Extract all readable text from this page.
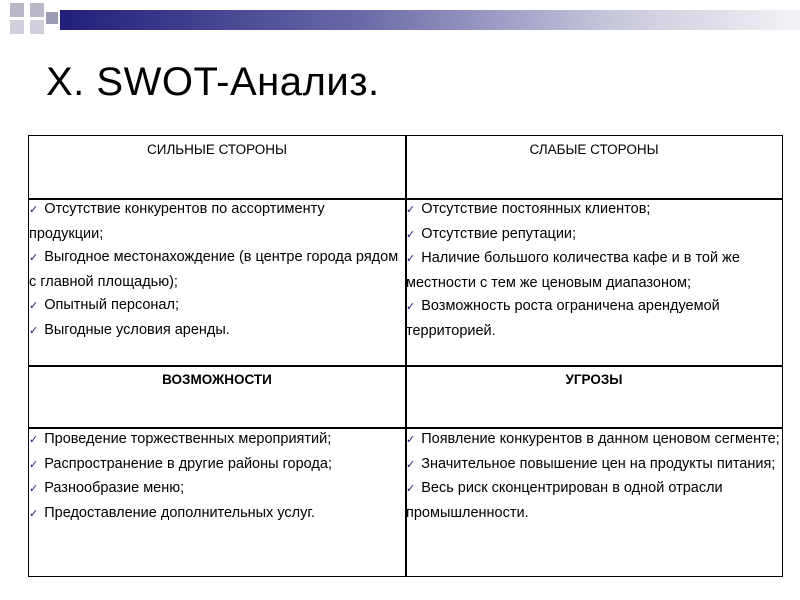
X. SWOT-Анализ.
СИЛЬНЫЕ СТОРОНЫ	СЛАБЫЕ СТОРОНЫ
ВОЗМОЖНОСТИ	УГРОЗЫ

✓ Отсутствие конкурентов по ассортименту продукции;

✓ Выгодное местонахождение (в центре города рядом с главной площадью);

✓ Опытный персонал;

✓ Выгодные условия аренды.

✓ Отсутствие постоянных клиентов;

✓ Отсутствие репутации;

✓ Наличие большого количества кафе и в той же местности с тем же ценовым диапазоном;

✓ Возможность роста ограничена арендуемой территорией.

✓ Проведение торжественных мероприятий;

✓ Распространение в другие районы города;

✓ Разнообразие меню;

✓ Предоставление дополнительных услуг.

✓ Появление конкурентов в данном ценовом сегменте;

✓ Значительное повышение цен на продукты питания;

✓ Весь риск сконцентрирован в одной отрасли промышленности.
